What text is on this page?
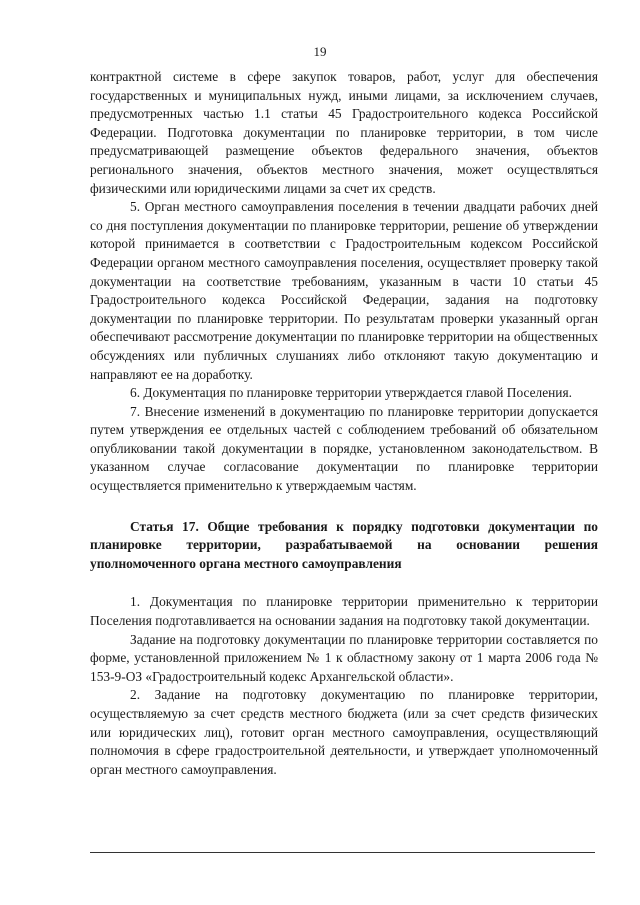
19

контрактной системе в сфере закупок товаров, работ, услуг для обеспечения государственных и муниципальных нужд, иными лицами, за исключением случаев, предусмотренных частью 1.1 статьи 45 Градостроительного кодекса Российской Федерации. Подготовка документации по планировке территории, в том числе предусматривающей размещение объектов федерального значения, объектов регионального значения, объектов местного значения, может осуществляться физическими или юридическими лицами за счет их средств.

5. Орган местного самоуправления поселения в течении двадцати рабочих дней со дня поступления документации по планировке территории, решение об утверждении которой принимается в соответствии с Градостроительным кодексом Российской Федерации органом местного самоуправления поселения, осуществляет проверку такой документации на соответствие требованиям, указанным в части 10 статьи 45 Градостроительного кодекса Российской Федерации, задания на подготовку документации по планировке территории. По результатам проверки указанный орган обеспечивают рассмотрение документации по планировке территории на общественных обсуждениях или публичных слушаниях либо отклоняют такую документацию и направляют ее на доработку.

6. Документация по планировке территории утверждается главой Поселения.

7. Внесение изменений в документацию по планировке территории допускается путем утверждения ее отдельных частей с соблюдением требований об обязательном опубликовании такой документации в порядке, установленном законодательством. В указанном случае согласование документации по планировке территории осуществляется применительно к утверждаемым частям.

Статья 17. Общие требования к порядку подготовки документации по планировке территории, разрабатываемой на основании решения уполномоченного органа местного самоуправления

1. Документация по планировке территории применительно к территории Поселения подготавливается на основании задания на подготовку такой документации.

Задание на подготовку документации по планировке территории составляется по форме, установленной приложением № 1 к областному закону от 1 марта 2006 года № 153-9-ОЗ «Градостроительный кодекс Архангельской области».

2. Задание на подготовку документацию по планировке территории, осуществляемую за счет средств местного бюджета (или за счет средств физических или юридических лиц), готовит орган местного самоуправления, осуществляющий полномочия в сфере градостроительной деятельности, и утверждает уполномоченный орган местного самоуправления.
